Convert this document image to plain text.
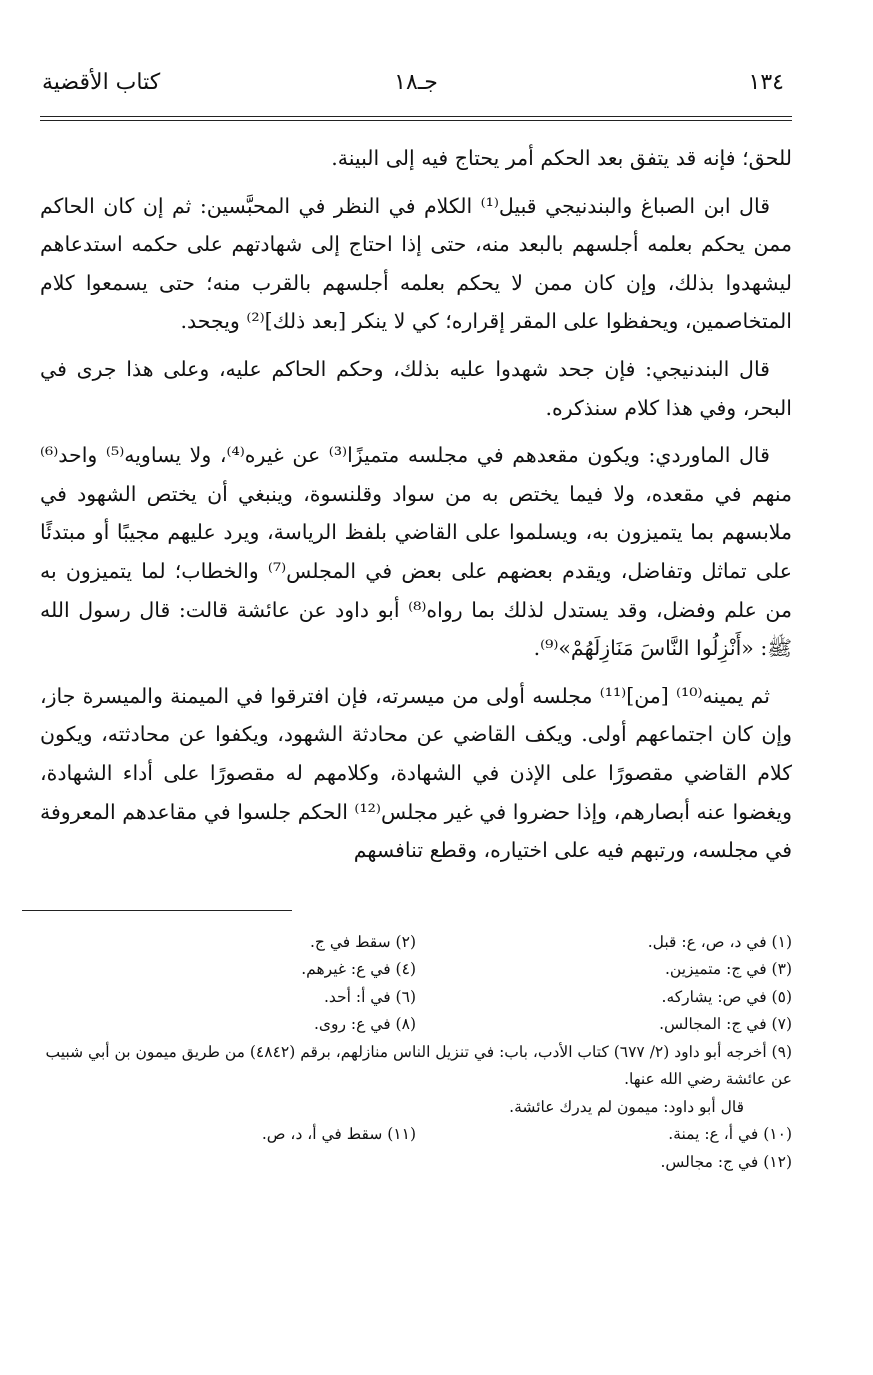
١٣٤
جـ١٨
كتاب الأقضية

للحق؛ فإنه قد يتفق بعد الحكم أمر يحتاج فيه إلى البينة.

قال ابن الصباغ والبندنيجي قبيل⁽¹⁾ الكلام في النظر في المحبَّسين: ثم إن كان الحاكم ممن يحكم بعلمه أجلسهم بالبعد منه، حتى إذا احتاج إلى شهادتهم على حكمه استدعاهم ليشهدوا بذلك، وإن كان ممن لا يحكم بعلمه أجلسهم بالقرب منه؛ حتى يسمعوا كلام المتخاصمين، ويحفظوا على المقر إقراره؛ كي لا ينكر [بعد ذلك]⁽²⁾ ويجحد.

قال البندنيجي: فإن جحد شهدوا عليه بذلك، وحكم الحاكم عليه، وعلى هذا جرى في البحر، وفي هذا كلام سنذكره.

قال الماوردي: ويكون مقعدهم في مجلسه متميزًا⁽³⁾ عن غيره⁽⁴⁾، ولا يساويه⁽⁵⁾ واحد⁽⁶⁾ منهم في مقعده، ولا فيما يختص به من سواد وقلنسوة، وينبغي أن يختص الشهود في ملابسهم بما يتميزون به، ويسلموا على القاضي بلفظ الرياسة، ويرد عليهم مجيبًا أو مبتدئًا على تماثل وتفاضل، ويقدم بعضهم على بعض في المجلس⁽⁷⁾ والخطاب؛ لما يتميزون به من علم وفضل، وقد يستدل لذلك بما رواه⁽⁸⁾ أبو داود عن عائشة قالت: قال رسول الله ﷺ: «أَنْزِلُوا النَّاسَ مَنَازِلَهُمْ»⁽⁹⁾.

ثم يمينه⁽¹⁰⁾ [من]⁽¹¹⁾ مجلسه أولى من ميسرته، فإن افترقوا في الميمنة والميسرة جاز، وإن كان اجتماعهم أولى. ويكف القاضي عن محادثة الشهود، ويكفوا عن محادثته، ويكون كلام القاضي مقصورًا على الإذن في الشهادة، وكلامهم له مقصورًا على أداء الشهادة، ويغضوا عنه أبصارهم، وإذا حضروا في غير مجلس⁽¹²⁾ الحكم جلسوا في مقاعدهم المعروفة في مجلسه، ورتبهم فيه على اختياره، وقطع تنافسهم

(١) في د، ص، ع: قبل.
(٢) سقط في ج.
(٣) في ج: متميزين.
(٤) في ع: غيرهم.
(٥) في ص: يشاركه.
(٦) في أ: أحد.
(٧) في ج: المجالس.
(٨) في ع: روى.
(٩) أخرجه أبو داود (٢/ ٦٧٧) كتاب الأدب، باب: في تنزيل الناس منازلهم، برقم (٤٨٤٢) من طريق ميمون بن أبي شبيب عن عائشة رضي الله عنها.
قال أبو داود: ميمون لم يدرك عائشة.
(١٠) في أ، ع: يمنة.
(١١) سقط في أ، د، ص.
(١٢) في ج: مجالس.
